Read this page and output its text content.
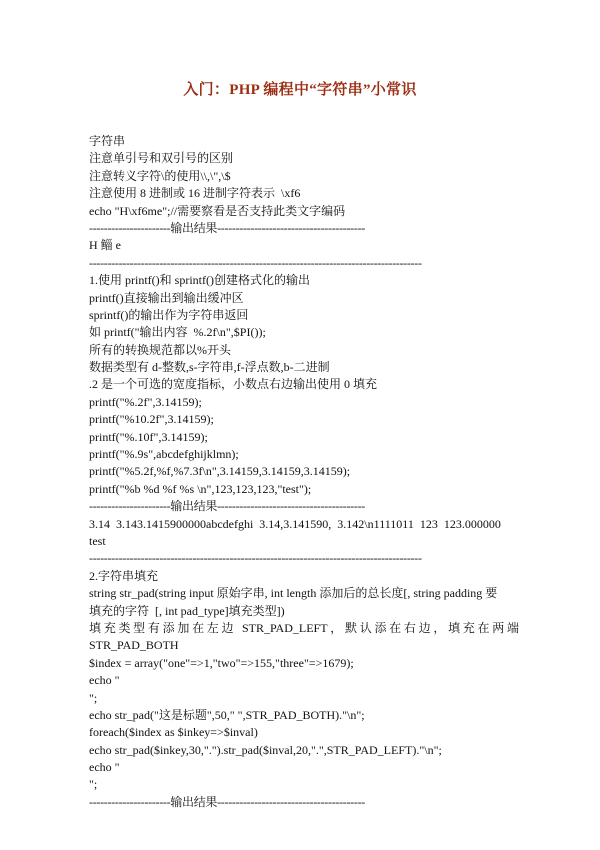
入门：PHP 编程中“字符串”小常识
字符串
注意单引号和双引号的区别
注意转义字符\的使用\\,\",\$
注意使用 8 进制或 16 进制字符表示  \xf6
echo "H\xf6me";//需要察看是否支持此类文字编码
----------------------输出结果----------------------------------------
H 鲻 e
------------------------------------------------------------------------------------------
1.使用 printf()和 sprintf()创建格式化的输出
printf()直接输出到输出缓冲区
sprintf()的输出作为字符串返回
如 printf("输出内容  %.2f\n",$PI());
所有的转换规范都以%开头
数据类型有 d-整数,s-字符串,f-浮点数,b-二进制
.2 是一个可选的宽度指标，小数点右边输出使用 0 填充
printf("%.2f",3.14159);
printf("%10.2f",3.14159);
printf("%.10f",3.14159);
printf("%.9s",abcdefghijklmn);
printf("%5.2f,%f,%7.3f\n",3.14159,3.14159,3.14159);
printf("%b %d %f %s \n",123,123,123,"test");
----------------------输出结果----------------------------------------
3.14  3.143.1415900000abcdefghi  3.14,3.141590,  3.142\n1111011  123  123.000000
test
------------------------------------------------------------------------------------------
2.字符串填充
string str_pad(string input 原始字串, int length 添加后的总长度[, string padding 要
填充的字符  [, int pad_type]填充类型])
填充类型有添加在左边 STR_PAD_LEFT，默认添在右边，填充在两端
STR_PAD_BOTH
$index = array("one"=>1,"two"=>155,"three"=>1679);
echo "
";
echo str_pad("这是标题",50," ",STR_PAD_BOTH)."\n";
foreach($index as $inkey=>$inval)
echo str_pad($inkey,30,".").str_pad($inval,20,".",STR_PAD_LEFT)."\n";
echo "
";
----------------------输出结果----------------------------------------
